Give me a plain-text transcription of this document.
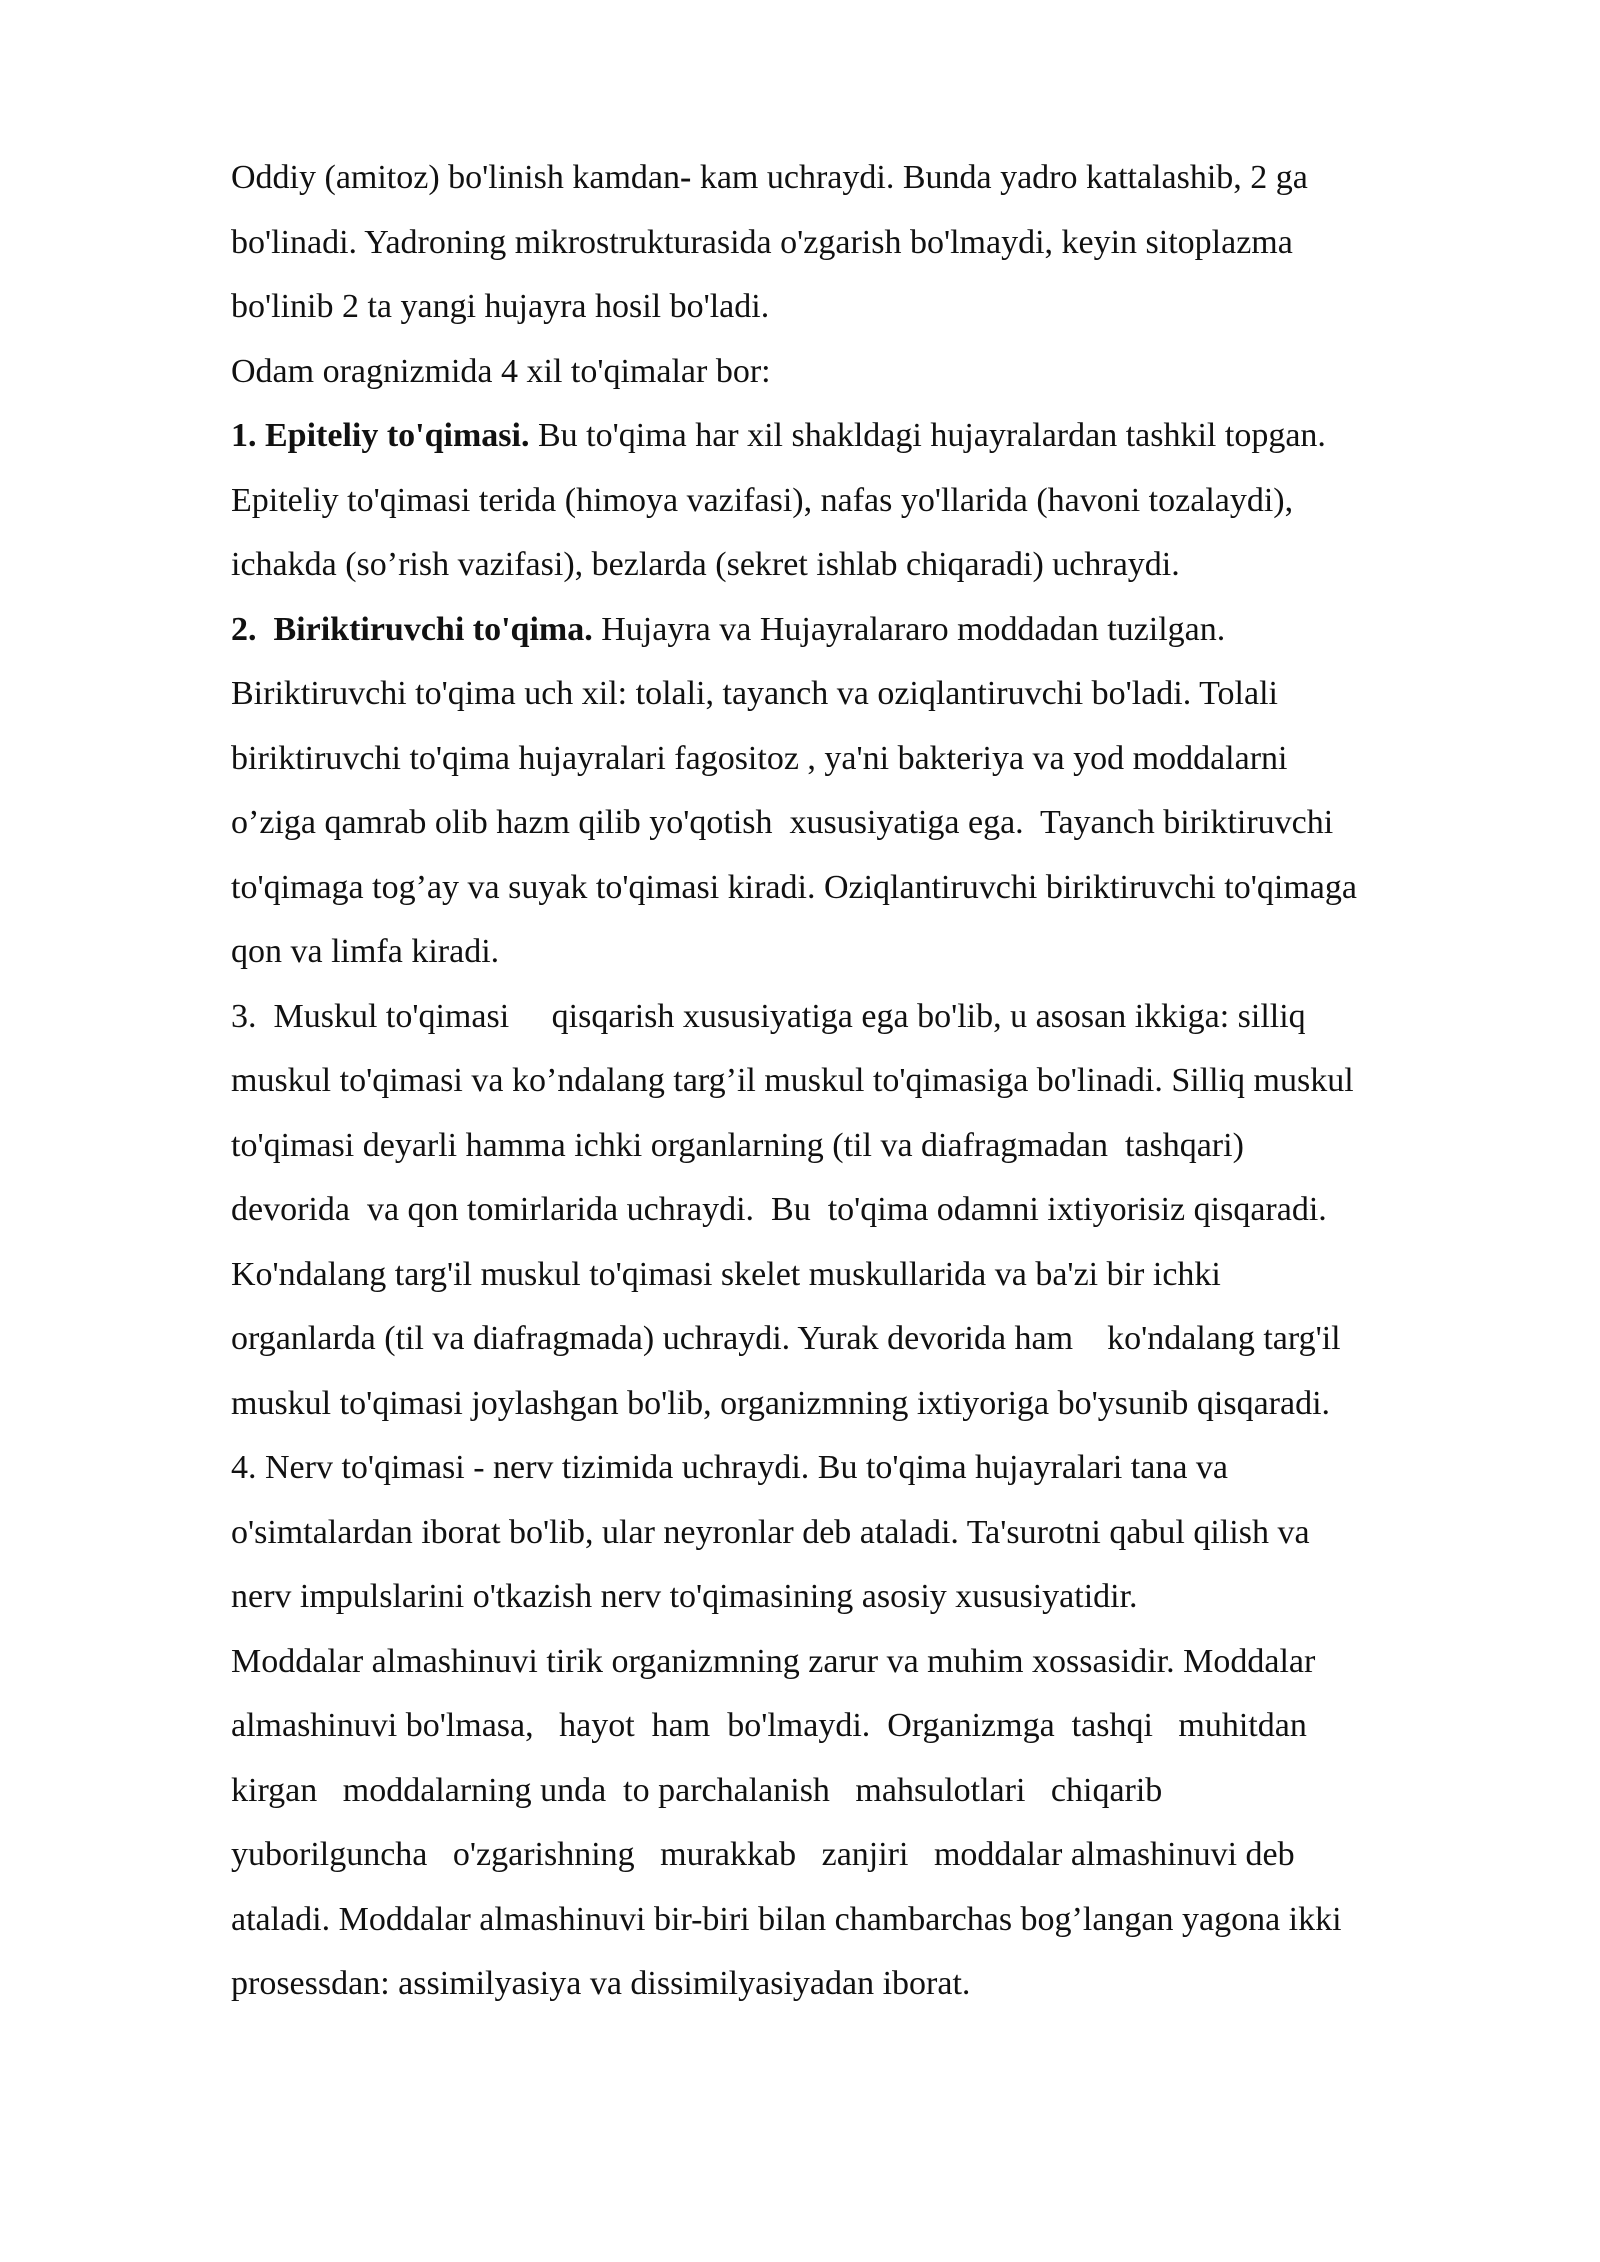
Oddiy (amitoz) bo'linish kamdan- kam uchraydi. Bunda yadro kattalashib, 2 ga
bo'linadi. Yadroning mikrostrukturasida o'zgarish bo'lmaydi, keyin sitoplazma
bo'linib 2 ta yangi hujayra hosil bo'ladi.
Odam oragnizmida 4 xil to'qimalar bor:
1. Epiteliy to'qimasi. Bu to'qima har xil shakldagi hujayralardan tashkil topgan.
Epiteliy to'qimasi terida (himoya vazifasi), nafas yo'llarida (havoni tozalaydi),
ichakda (so’rish vazifasi), bezlarda (sekret ishlab chiqaradi) uchraydi.
2.  Biriktiruvchi to'qima. Hujayra va Hujayralararo moddadan tuzilgan.
Biriktiruvchi to'qima uch xil: tolali, tayanch va oziqlantiruvchi bo'ladi. Tolali
biriktiruvchi to'qima hujayralari fagositoz , ya'ni bakteriya va yod moddalarni
o’ziga qamrab olib hazm qilib yo'qotish  xususiyatiga ega.  Tayanch biriktiruvchi
to'qimaga tog’ay va suyak to'qimasi kiradi. Oziqlantiruvchi biriktiruvchi to'qimaga
qon va limfa kiradi.
3.  Muskul to'qimasi     qisqarish xususiyatiga ega bo'lib, u asosan ikkiga: silliq
muskul to'qimasi va ko’ndalang targ’il muskul to'qimasiga bo'linadi. Silliq muskul
to'qimasi deyarli hamma ichki organlarning (til va diafragmadan  tashqari)
devorida  va qon tomirlarida uchraydi.  Bu  to'qima odamni ixtiyorisiz qisqaradi.
Ko'ndalang targ'il muskul to'qimasi skelet muskullarida va ba'zi bir ichki
organlarda (til va diafragmada) uchraydi. Yurak devorida ham    ko'ndalang targ'il
muskul to'qimasi joylashgan bo'lib, organizmning ixtiyoriga bo'ysunib qisqaradi.
4. Nerv to'qimasi - nerv tizimida uchraydi. Bu to'qima hujayralari tana va
o'simtalardan iborat bo'lib, ular neyronlar deb ataladi. Ta'surotni qabul qilish va
nerv impulslarini o'tkazish nerv to'qimasining asosiy xususiyatidir.
Moddalar almashinuvi tirik organizmning zarur va muhim xossasidir. Moddalar
almashinuvi bo'lmasa,   hayot  ham  bo'lmaydi.  Organizmga  tashqi   muhitdan
kirgan   moddalarning unda  to parchalanish   mahsulotlari   chiqarib
yuborilguncha   o'zgarishning   murakkab   zanjiri   moddalar almashinuvi deb
ataladi. Moddalar almashinuvi bir-biri bilan chambarchas bog’langan yagona ikki
prosessdan: assimilyasiya va dissimilyasiyadan iborat.
